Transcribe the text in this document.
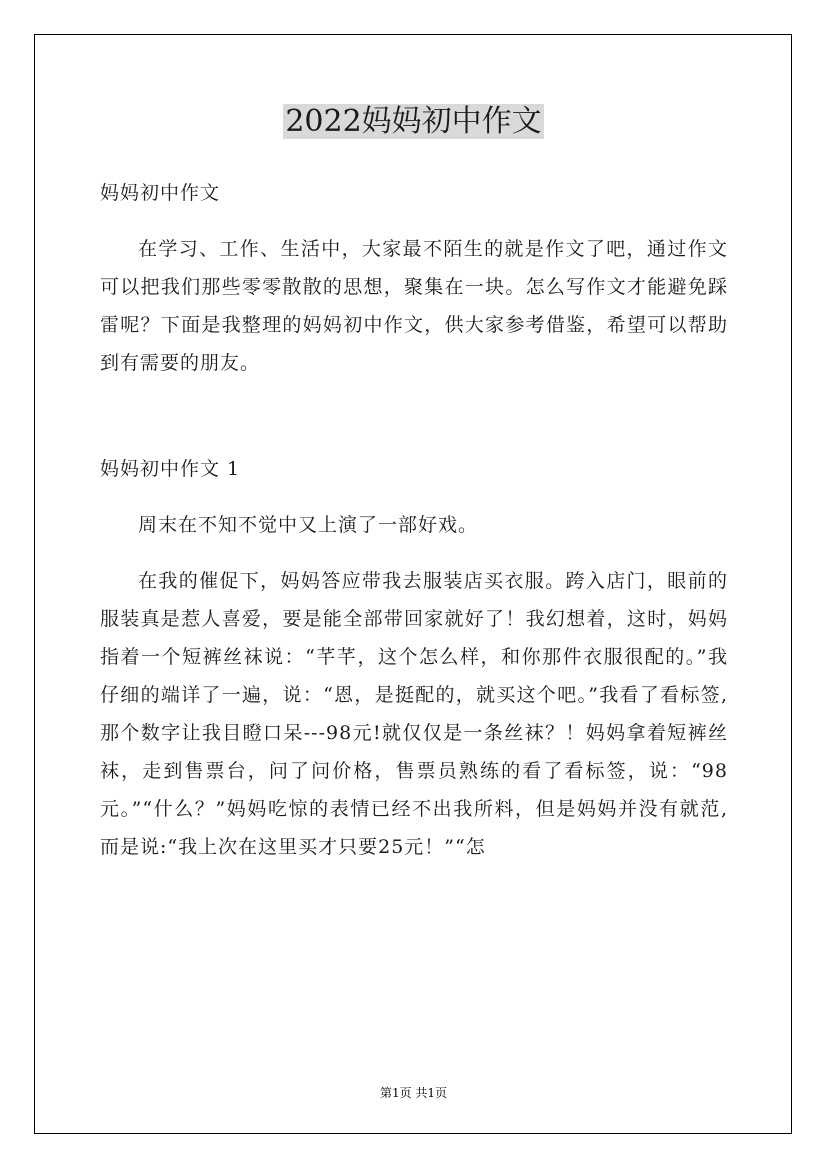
2022妈妈初中作文

妈妈初中作文

在学习、工作、生活中，大家最不陌生的就是作文了吧，通过作文可以把我们那些零零散散的思想，聚集在一块。怎么写作文才能避免踩雷呢？下面是我整理的妈妈初中作文，供大家参考借鉴，希望可以帮助到有需要的朋友。

妈妈初中作文 1

周末在不知不觉中又上演了一部好戏。

在我的催促下，妈妈答应带我去服装店买衣服。跨入店门，眼前的服装真是惹人喜爱，要是能全部带回家就好了！我幻想着，这时，妈妈指着一个短裤丝袜说：“芊芊，这个怎么样，和你那件衣服很配的。”我仔细的端详了一遍，说：“恩，是挺配的，就买这个吧。”我看了看标签,那个数字让我目瞪口呆---98元!就仅仅是一条丝袜？！妈妈拿着短裤丝袜，走到售票台，问了问价格，售票员熟练的看了看标签，说：“98元。”“什么？”妈妈吃惊的表情已经不出我所料，但是妈妈并没有就范,而是说:“我上次在这里买才只要25元！”“怎

第1页 共1页
